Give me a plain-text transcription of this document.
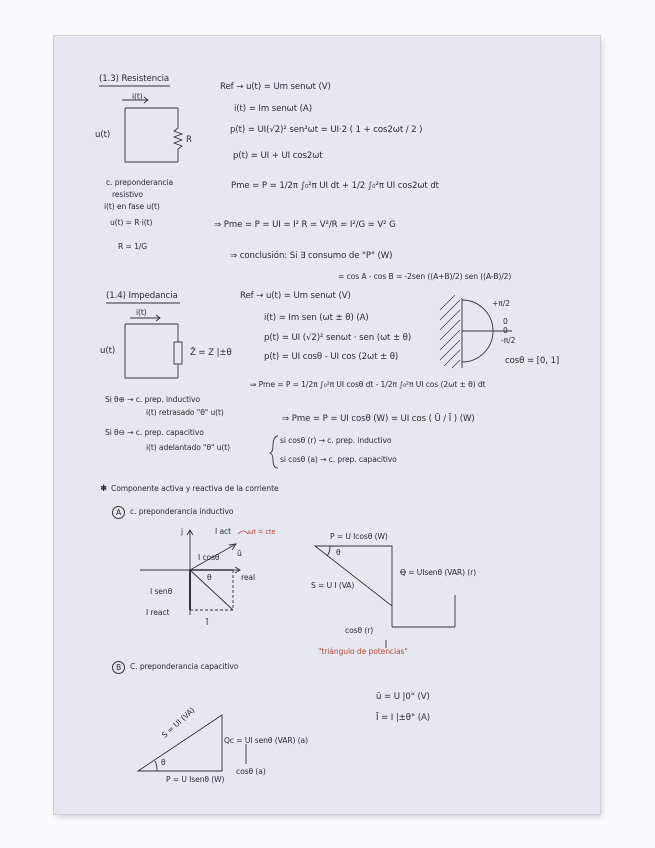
(1.3) Resistencia
i(t)
u(t)	R
c. preponderancia
resistivo
i(t) en fase u(t)
u(t) = R·i(t)
R = 1/G
Ref → u(t) = Um senωt (V)
i(t) = Im senωt (A)
p(t) = UI(√2)² sen²ωt = UI·2 ( 1 + cos2ωt / 2 )
p(t) = UI + UI cos2ωt
Pme = P = 1/2π ∫₀²π UI dt + 1/2 ∫₀²π UI cos2ωt dt
⇒ Pme = P = UI = I² R = V²/R = I²/G = V² G
⇒ conclusión: Si ∃ consumo de "P" (W)
= cos A - cos B = -2sen ((A+B)/2) sen ((A-B)/2)
(1.4) Impedancia
i(t)
u(t)	Z̄ = Z |±θ
Si θ⊕ → c. prep. inductivo
i(t) retrasado "θ" u(t)
Si θ⊖ → c. prep. capacitivo
i(t) adelantado "θ" u(t)
Ref → u(t) = Um senωt (V)
i(t) = Im sen (ωt ± θ) (A)
p(t) = UI (√2)² senωt · sen (ωt ± θ)
p(t) = UI cosθ - UI cos (2ωt ± θ)
⇒ Pme = P = 1/2π ∫₀²π UI cosθ dt - 1/2π ∫₀²π UI cos (2ωt ± θ) dt
⇒ Pme = P = UI cosθ (W) = UI cos ( Ū / Ī ) (W)
si cosθ (r) → c. prep. inductivo
si cosθ (a) → c. prep. capacitivo
+π/2
0
0
-π/2
cosθ = [0, 1]
✱ Componente activa y reactiva de la corriente
A	c. preponderancia inductivo
j
real
I act	ωt = cte
I cosθ ū
θ
I senθ
I react
Ī
P = U Icosθ (W)
θ
S = U I (VA)
Q = UIsenθ (VAR) (r)
cosθ (r)
"triángulo de potencias"
B	C. preponderancia capacitivo
S = UI (VA)
θ
Qc = UI senθ (VAR) (a)
P = U Isenθ (W)
cosθ (a)
ū = U |0° (V)
Ī = I |±θ° (A)
